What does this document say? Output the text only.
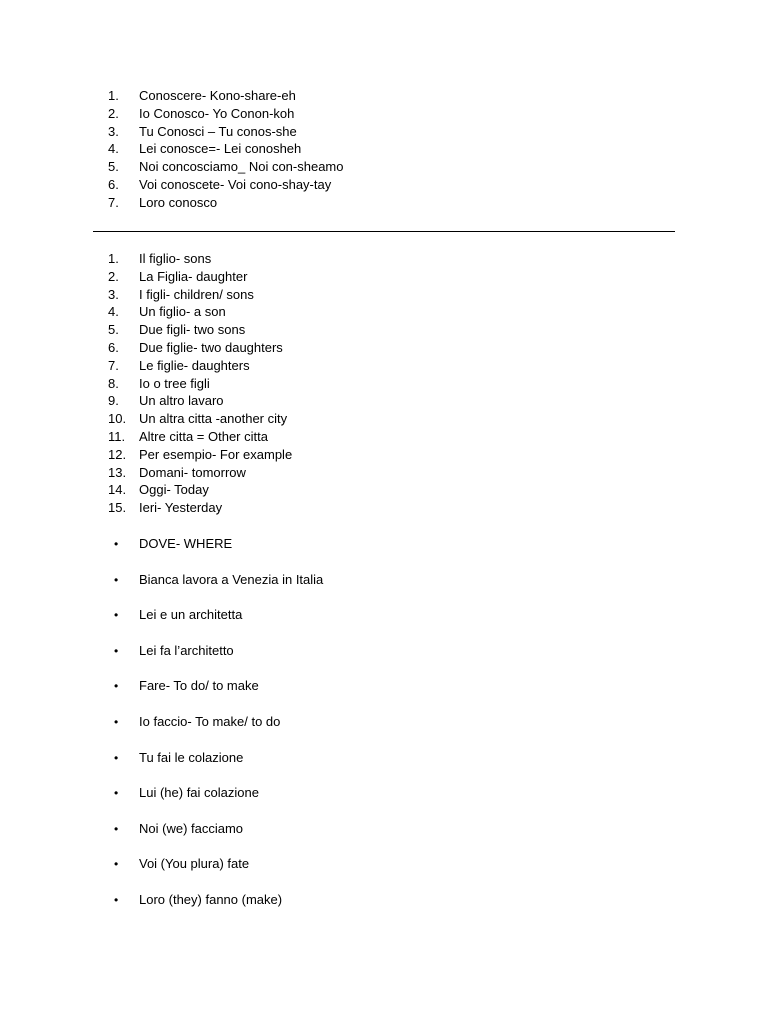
1.	Conoscere- Kono-share-eh
2.	Io Conosco- Yo Conon-koh
3.	Tu Conosci – Tu conos-she
4.	Lei conosce=- Lei conosheh
5.	Noi concosciamo_ Noi con-sheamo
6.	Voi conoscete- Voi cono-shay-tay
7.	Loro conosco
1.	Il figlio- sons
2.	La Figlia- daughter
3.	I figli- children/ sons
4.	Un figlio- a son
5.	Due figli- two sons
6.	Due figlie- two daughters
7.	Le figlie- daughters
8.	Io o tree figli
9.	Un altro lavaro
10. Un altra citta -another city
11.	Altre citta = Other citta
12. Per esempio- For example
13. Domani- tomorrow
14. Oggi- Today
15. Ieri- Yesterday
• DOVE- WHERE
• Bianca lavora a Venezia in Italia
• Lei e un architetta
• Lei fa l’architetto
• Fare- To do/ to make
• Io faccio- To make/ to do
• Tu fai le colazione
• Lui (he) fai colazione
• Noi (we) facciamo
• Voi (You plura) fate
• Loro (they) fanno (make)
